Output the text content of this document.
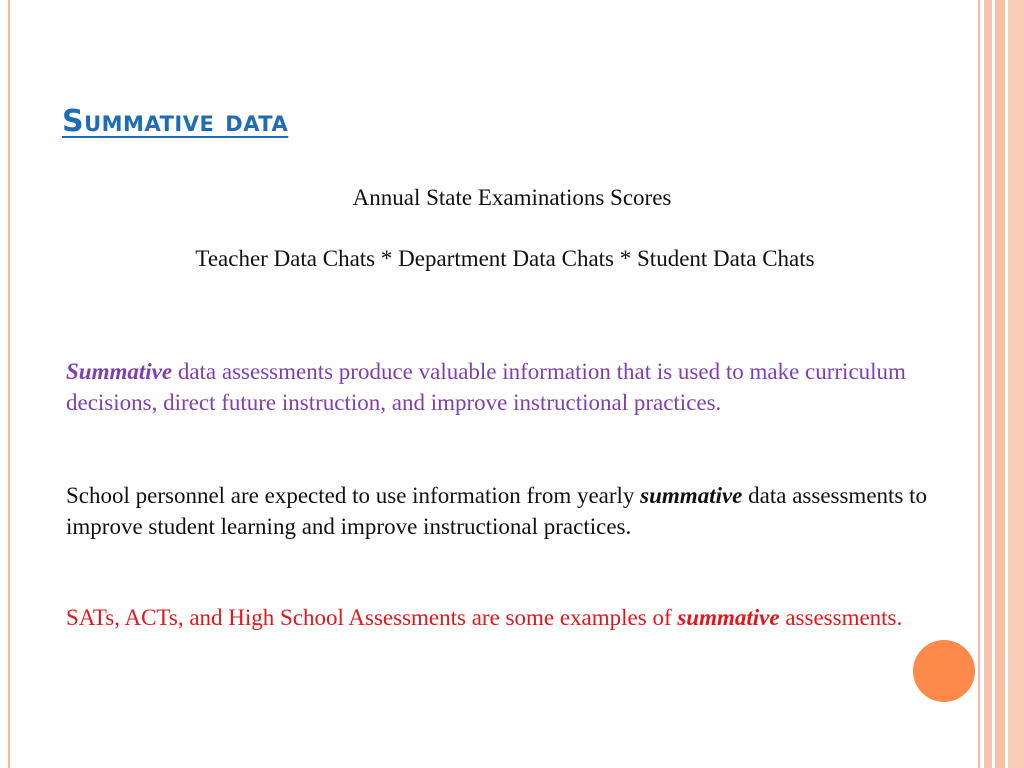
Summative data
Annual State Examinations Scores
Teacher Data Chats * Department Data Chats * Student Data Chats
Summative data assessments produce valuable information that is used to make curriculum decisions, direct future instruction, and improve instructional practices.
School personnel are expected to use information from yearly summative data assessments to improve student learning and improve instructional practices.
SATs, ACTs, and High School Assessments are some examples of summative assessments.
